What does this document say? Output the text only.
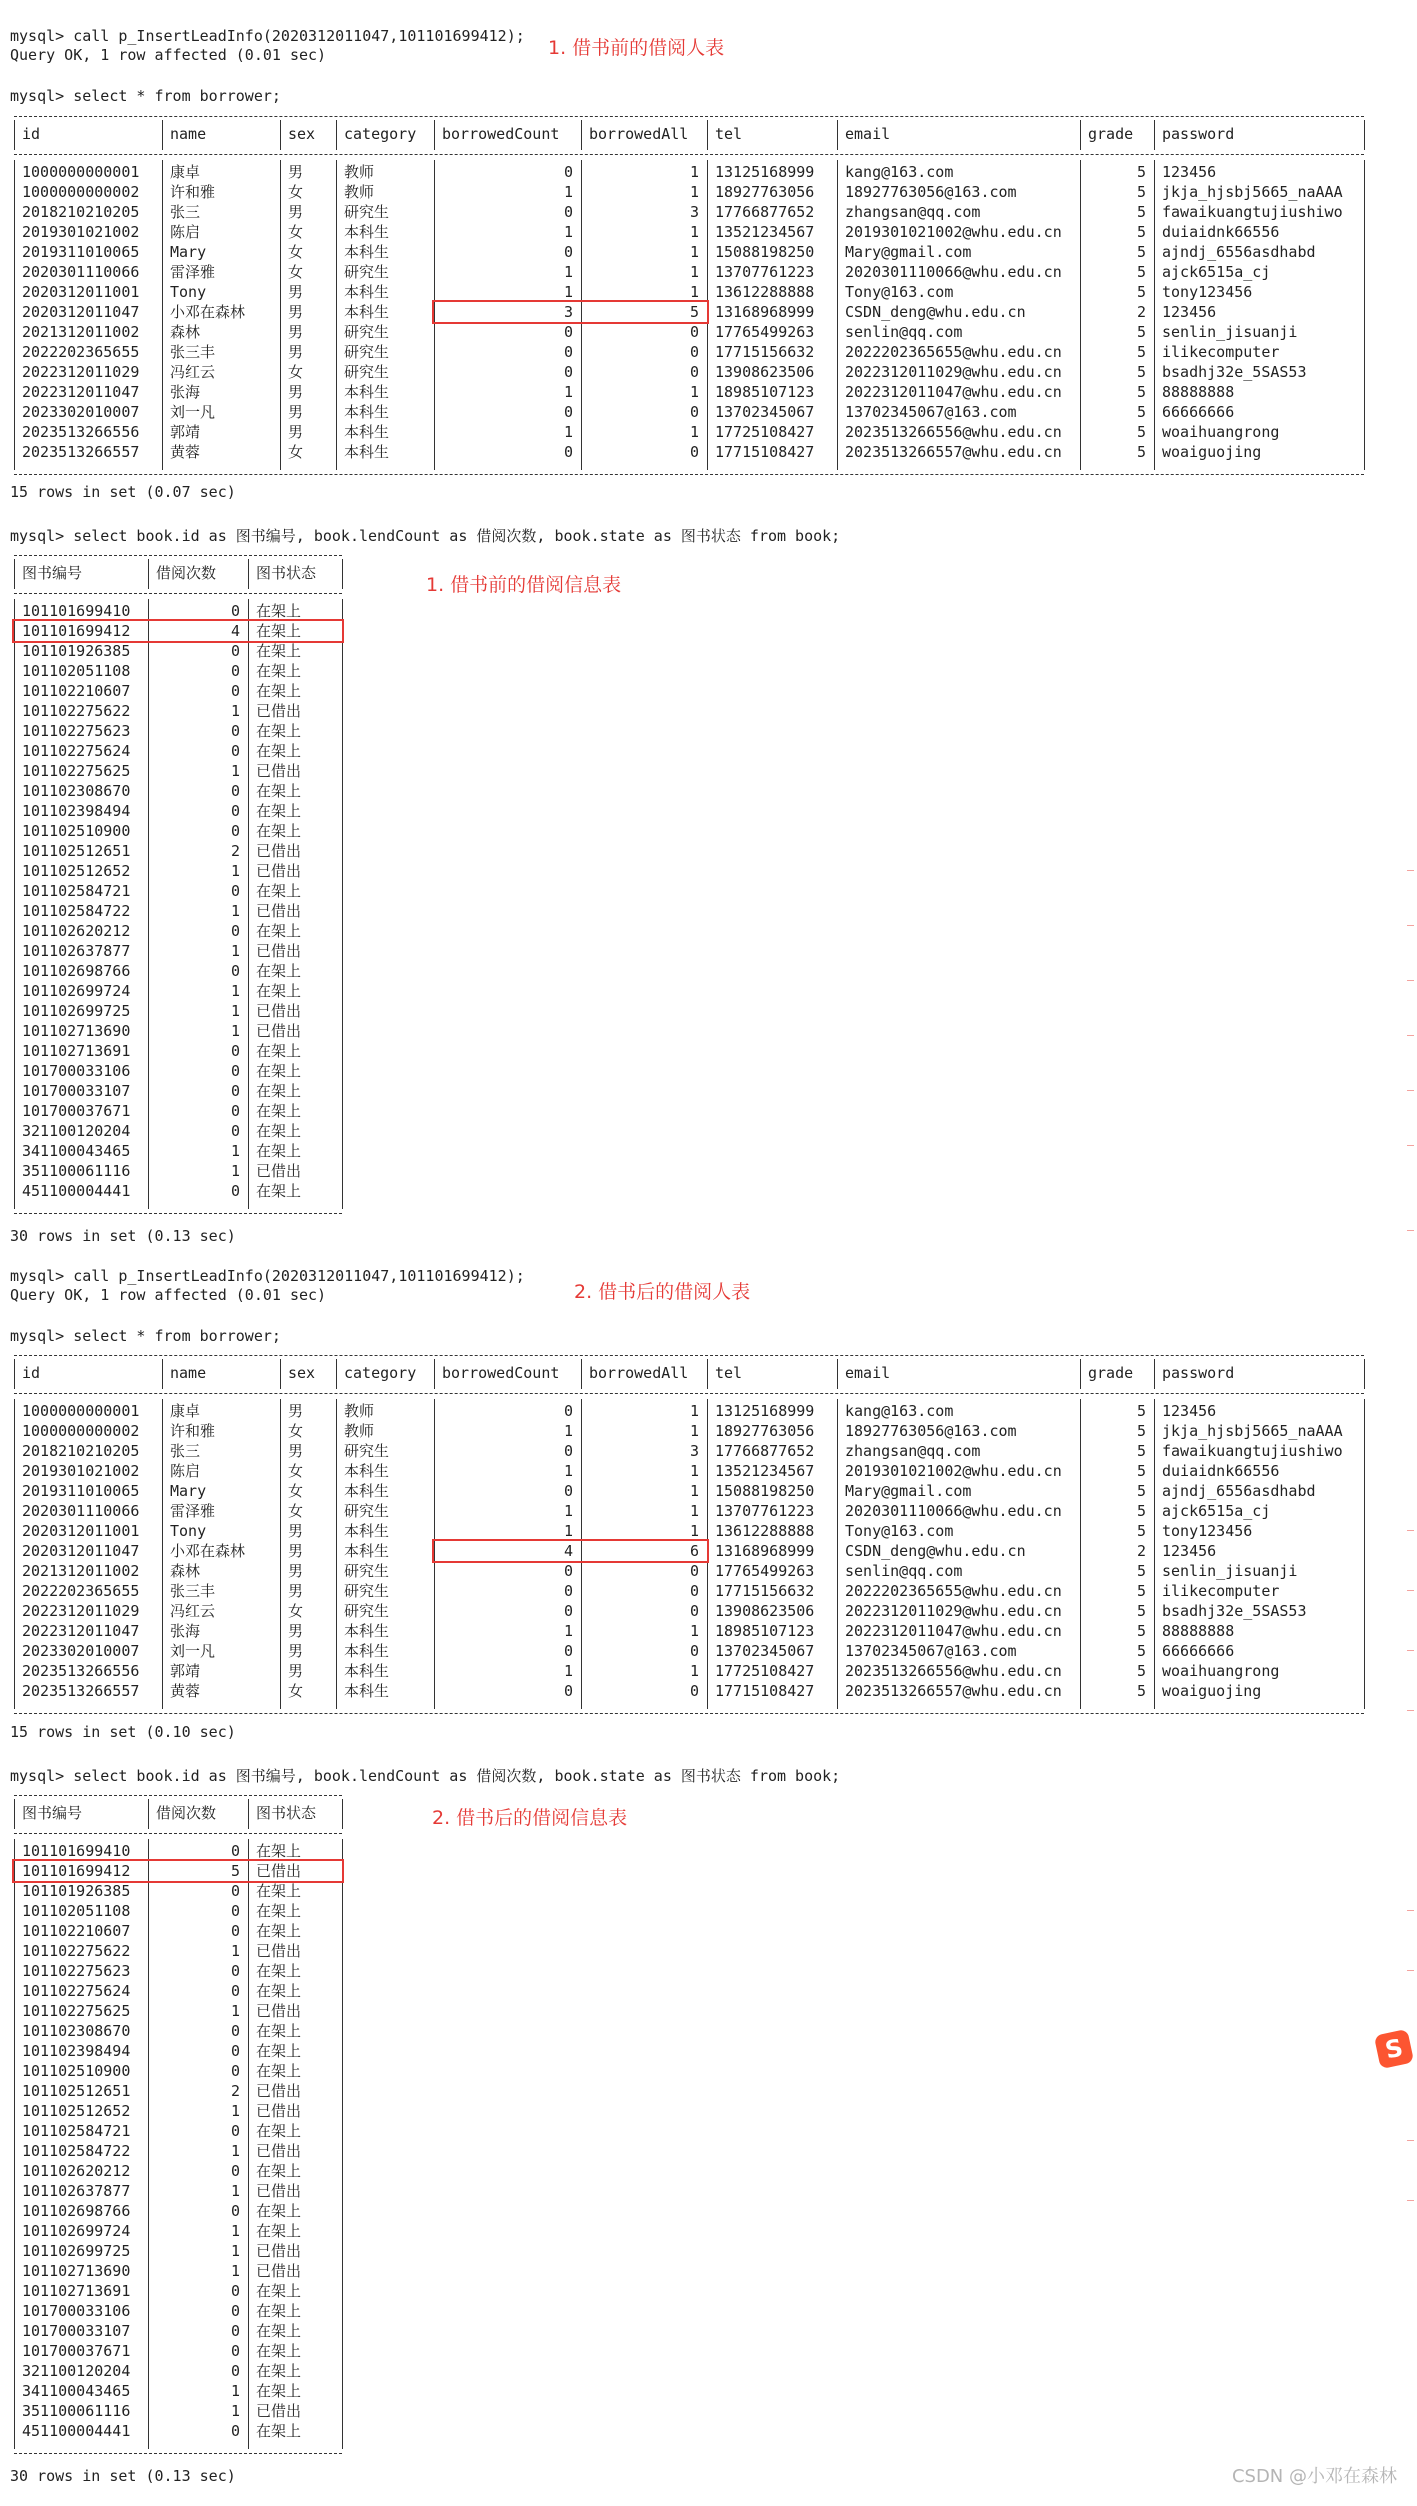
mysql> call p_InsertLeadInfo(2020312011047,101101699412);
Query OK, 1 row affected (0.01 sec)	1. 借书前的借阅人表
mysql> select * from borrower;
id	name	sex	category	borrowedCount	borrowedAll	tel	email	grade	password
1000000000001	康卓	男	教师	0	1 13125168999	kang@163.com	5 123456
1000000000002	许和雅	女	教师	1	1 18927763056	18927763056@163.com	5 jkja_hjsbj5665_naAAA
2018210210205	张三	男	研究生	0	3 17766877652	zhangsan@qq.com	5 fawaikuangtujiushiwo
2019301021002	陈启	女	本科生	1	1 13521234567	2019301021002@whu.edu.cn	5 duiaidnk66556
2019311010065	Mary	女	本科生	0	1 15088198250	Mary@gmail.com	5 ajndj_6556asdhabd
2020301110066	雷泽雅	女	研究生	1	1 13707761223	2020301110066@whu.edu.cn	5 ajck6515a_cj
2020312011001	Tony	男	本科生	1	1 13612288888	Tony@163.com	5 tony123456
2020312011047	小邓在森林	男	本科生	3	5 13168968999	CSDN_deng@whu.edu.cn	2 123456
2021312011002	森林	男	研究生	0	0 17765499263	senlin@qq.com	5 senlin_jisuanji
2022202365655	张三丰	男	研究生	0	0 17715156632	2022202365655@whu.edu.cn	5 ilikecomputer
2022312011029	冯红云	女	研究生	0	0 13908623506	2022312011029@whu.edu.cn	5 bsadhj32e_5SAS53
2022312011047	张海	男	本科生	1	1 18985107123	2022312011047@whu.edu.cn	5 88888888
2023302010007	刘一凡	男	本科生	0	0 13702345067	13702345067@163.com	5 66666666
2023513266556	郭靖	男	本科生	1	1 17725108427	2023513266556@whu.edu.cn	5 woaihuangrong
2023513266557	黄蓉	女	本科生	0	0 17715108427	2023513266557@whu.edu.cn	5 woaiguojing
15 rows in set (0.07 sec)
mysql> select book.id as 图书编号, book.lendCount as 借阅次数, book.state as 图书状态 from book;
1. 借书前的借阅信息表
图书编号	借阅次数	图书状态
101101699410	0 在架上
101101699412	4 在架上
101101926385	0 在架上
101102051108	0 在架上
101102210607	0 在架上
101102275622	1 已借出
101102275623	0 在架上
101102275624	0 在架上
101102275625	1 已借出
101102308670	0 在架上
101102398494	0 在架上
101102510900	0 在架上
101102512651	2 已借出
101102512652	1 已借出
101102584721	0 在架上
101102584722	1 已借出
101102620212	0 在架上
101102637877	1 已借出
101102698766	0 在架上
101102699724	1 在架上
101102699725	1 已借出
101102713690	1 已借出
101102713691	0 在架上
101700033106	0 在架上
101700033107	0 在架上
101700037671	0 在架上
321100120204	0 在架上
341100043465	1 在架上
351100061116	1 已借出
451100004441	0 在架上
30 rows in set (0.13 sec)
mysql> call p_InsertLeadInfo(2020312011047,101101699412);
Query OK, 1 row affected (0.01 sec)	2. 借书后的借阅人表
mysql> select * from borrower;
id	name	sex	category	borrowedCount	borrowedAll	tel	email	grade	password
1000000000001	康卓	男	教师	0	1 13125168999	kang@163.com	5 123456
1000000000002	许和雅	女	教师	1	1 18927763056	18927763056@163.com	5 jkja_hjsbj5665_naAAA
2018210210205	张三	男	研究生	0	3 17766877652	zhangsan@qq.com	5 fawaikuangtujiushiwo
2019301021002	陈启	女	本科生	1	1 13521234567	2019301021002@whu.edu.cn	5 duiaidnk66556
2019311010065	Mary	女	本科生	0	1 15088198250	Mary@gmail.com	5 ajndj_6556asdhabd
2020301110066	雷泽雅	女	研究生	1	1 13707761223	2020301110066@whu.edu.cn	5 ajck6515a_cj
2020312011001	Tony	男	本科生	1	1 13612288888	Tony@163.com	5 tony123456
2020312011047	小邓在森林	男	本科生	4	6 13168968999	CSDN_deng@whu.edu.cn	2 123456
2021312011002	森林	男	研究生	0	0 17765499263	senlin@qq.com	5 senlin_jisuanji
2022202365655	张三丰	男	研究生	0	0 17715156632	2022202365655@whu.edu.cn	5 ilikecomputer
2022312011029	冯红云	女	研究生	0	0 13908623506	2022312011029@whu.edu.cn	5 bsadhj32e_5SAS53
2022312011047	张海	男	本科生	1	1 18985107123	2022312011047@whu.edu.cn	5 88888888
2023302010007	刘一凡	男	本科生	0	0 13702345067	13702345067@163.com	5 66666666
2023513266556	郭靖	男	本科生	1	1 17725108427	2023513266556@whu.edu.cn	5 woaihuangrong
2023513266557	黄蓉	女	本科生	0	0 17715108427	2023513266557@whu.edu.cn	5 woaiguojing
15 rows in set (0.10 sec)
mysql> select book.id as 图书编号, book.lendCount as 借阅次数, book.state as 图书状态 from book;
2. 借书后的借阅信息表
图书编号	借阅次数	图书状态
101101699410	0 在架上
101101699412	5 已借出
101101926385	0 在架上
101102051108	0 在架上
101102210607	0 在架上
101102275622	1 已借出
101102275623	0 在架上
101102275624	0 在架上
101102275625	1 已借出
101102308670	0 在架上
101102398494	0 在架上
101102510900	0 在架上
101102512651	2 已借出
101102512652	1 已借出
101102584721	0 在架上
101102584722	1 已借出
101102620212	0 在架上
101102637877	1 已借出
101102698766	0 在架上
101102699724	1 在架上
101102699725	1 已借出
101102713690	1 已借出
101102713691	0 在架上
101700033106	0 在架上
101700033107	0 在架上
101700037671	0 在架上
321100120204	0 在架上
341100043465	1 在架上
351100061116	1 已借出
451100004441	0 在架上
30 rows in set (0.13 sec)
S
CSDN @小邓在森林
